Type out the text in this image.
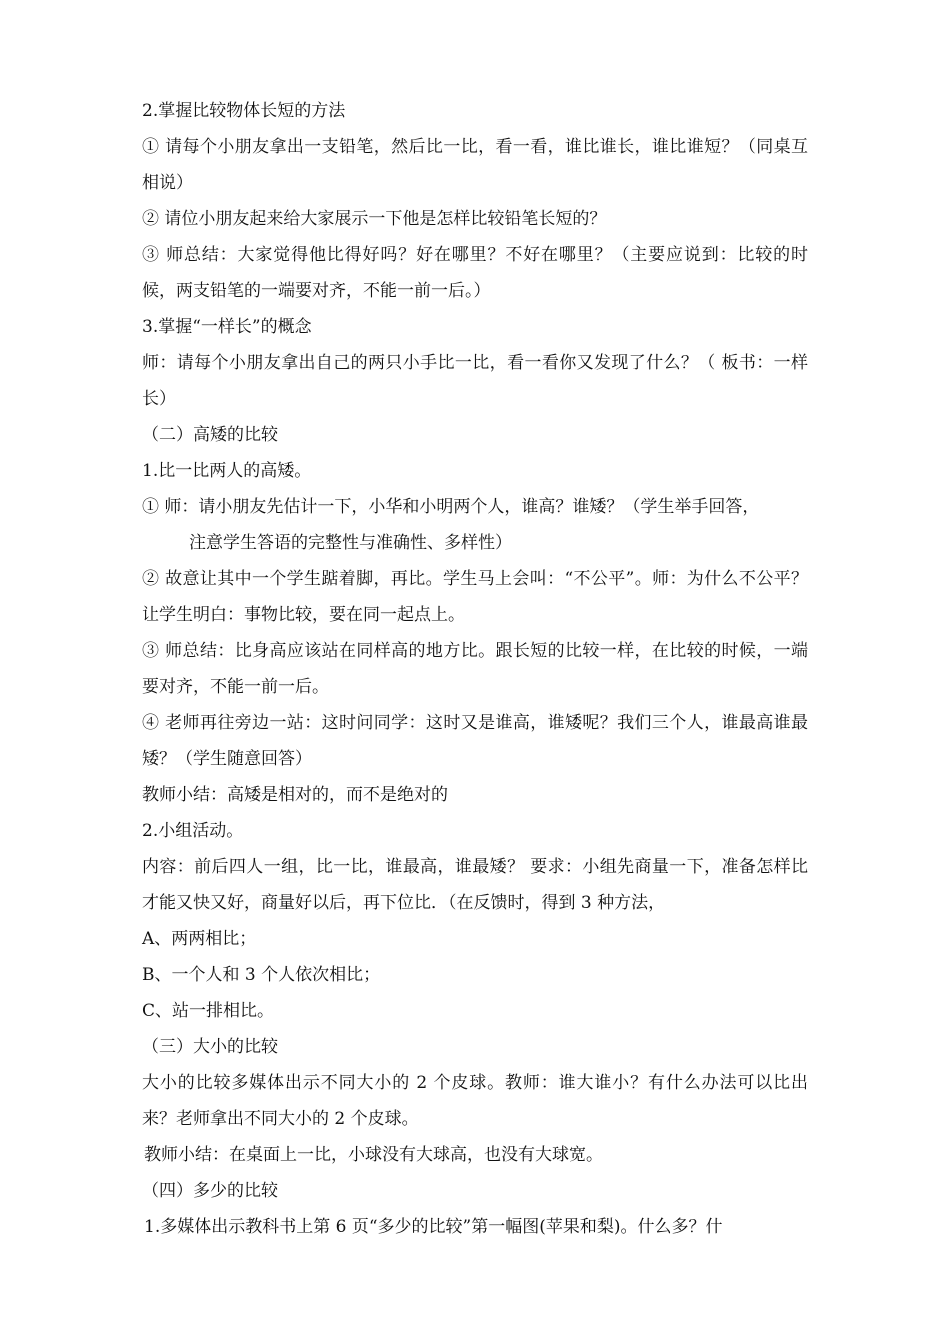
2.掌握比较物体长短的方法

① 请每个小朋友拿出一支铅笔，然后比一比，看一看，谁比谁长，谁比谁短？（同桌互相说）

② 请位小朋友起来给大家展示一下他是怎样比较铅笔长短的？

③ 师总结：大家觉得他比得好吗？好在哪里？不好在哪里？（主要应说到：比较的时候，两支铅笔的一端要对齐，不能一前一后。）

3.掌握“一样长”的概念

师：请每个小朋友拿出自己的两只小手比一比，看一看你又发现了什么？（ 板书：一样长）

（二）高矮的比较

1.比一比两人的高矮。

① 师：请小朋友先估计一下，小华和小明两个人，谁高？谁矮？（学生举手回答，

注意学生答语的完整性与准确性、多样性）

② 故意让其中一个学生踮着脚，再比。学生马上会叫：“不公平”。师：为什么不公平？让学生明白：事物比较，要在同一起点上。

③ 师总结：比身高应该站在同样高的地方比。跟长短的比较一样，在比较的时候，一端要对齐，不能一前一后。

④ 老师再往旁边一站：这时问同学：这时又是谁高，谁矮呢？我们三个人，谁最高谁最矮？（学生随意回答）

教师小结：高矮是相对的，而不是绝对的

2.小组活动。

内容：前后四人一组，比一比，谁最高，谁最矮？ 要求：小组先商量一下，准备怎样比才能又快又好，商量好以后，再下位比．（在反馈时，得到 3 种方法，

A、两两相比；

B、一个人和 3 个人依次相比；

C、站一排相比。

（三）大小的比较

大小的比较多媒体出示不同大小的 2 个皮球。教师：谁大谁小？有什么办法可以比出来？老师拿出不同大小的 2 个皮球。

教师小结：在桌面上一比，小球没有大球高，也没有大球宽。

（四）多少的比较

1.多媒体出示教科书上第 6 页“多少的比较”第一幅图(苹果和梨)。什么多？什
